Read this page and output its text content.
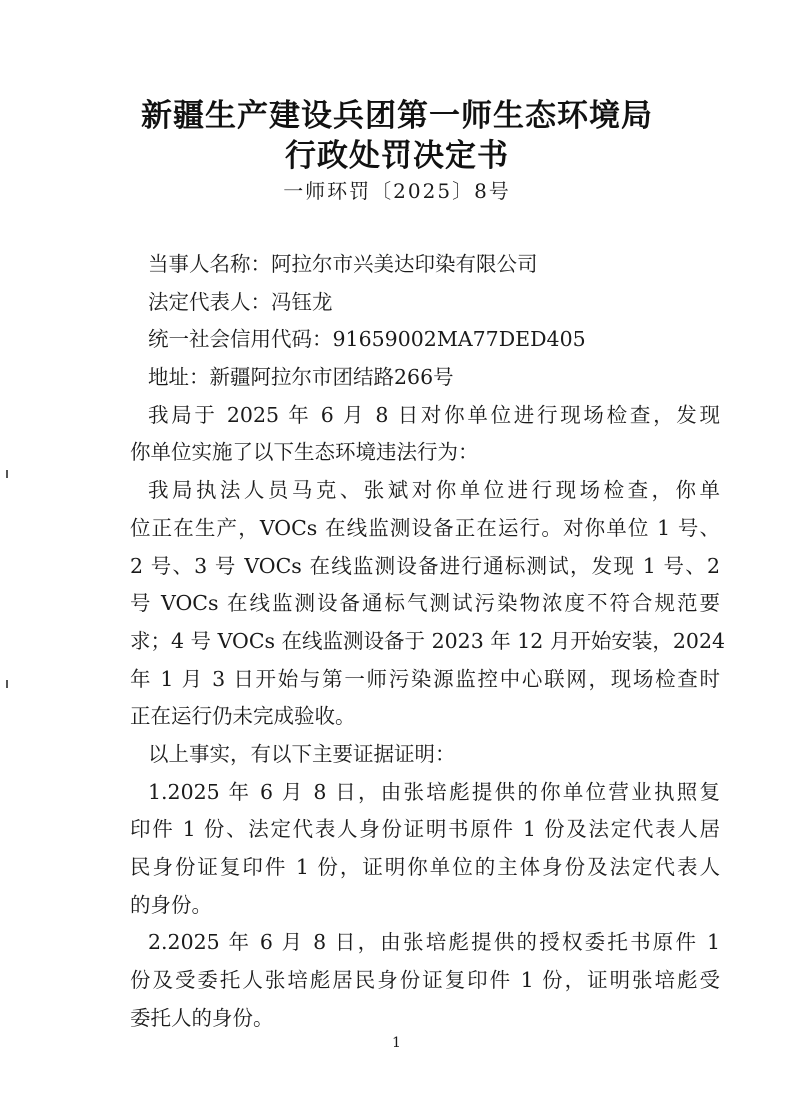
新疆生产建设兵团第一师生态环境局
行政处罚决定书
一师环罚〔2025〕8号
当事人名称：阿拉尔市兴美达印染有限公司
法定代表人：冯钰龙
统一社会信用代码：91659002MA77DED405
地址：新疆阿拉尔市团结路266号
我局于 2025 年 6 月 8 日对你单位进行现场检查，发现
你单位实施了以下生态环境违法行为：
我局执法人员马克、张斌对你单位进行现场检查，你单
位正在生产，VOCs 在线监测设备正在运行。对你单位 1 号、
2 号、3 号 VOCs 在线监测设备进行通标测试，发现 1 号、2
号 VOCs 在线监测设备通标气测试污染物浓度不符合规范要
求；4 号 VOCs 在线监测设备于 2023 年 12 月开始安装，2024
年 1 月 3 日开始与第一师污染源监控中心联网，现场检查时
正在运行仍未完成验收。
以上事实，有以下主要证据证明：
1.2025 年 6 月 8 日，由张培彪提供的你单位营业执照复
印件 1 份、法定代表人身份证明书原件 1 份及法定代表人居
民身份证复印件 1 份，证明你单位的主体身份及法定代表人
的身份。
2.2025 年 6 月 8 日，由张培彪提供的授权委托书原件 1
份及受委托人张培彪居民身份证复印件 1 份，证明张培彪受
委托人的身份。
1
